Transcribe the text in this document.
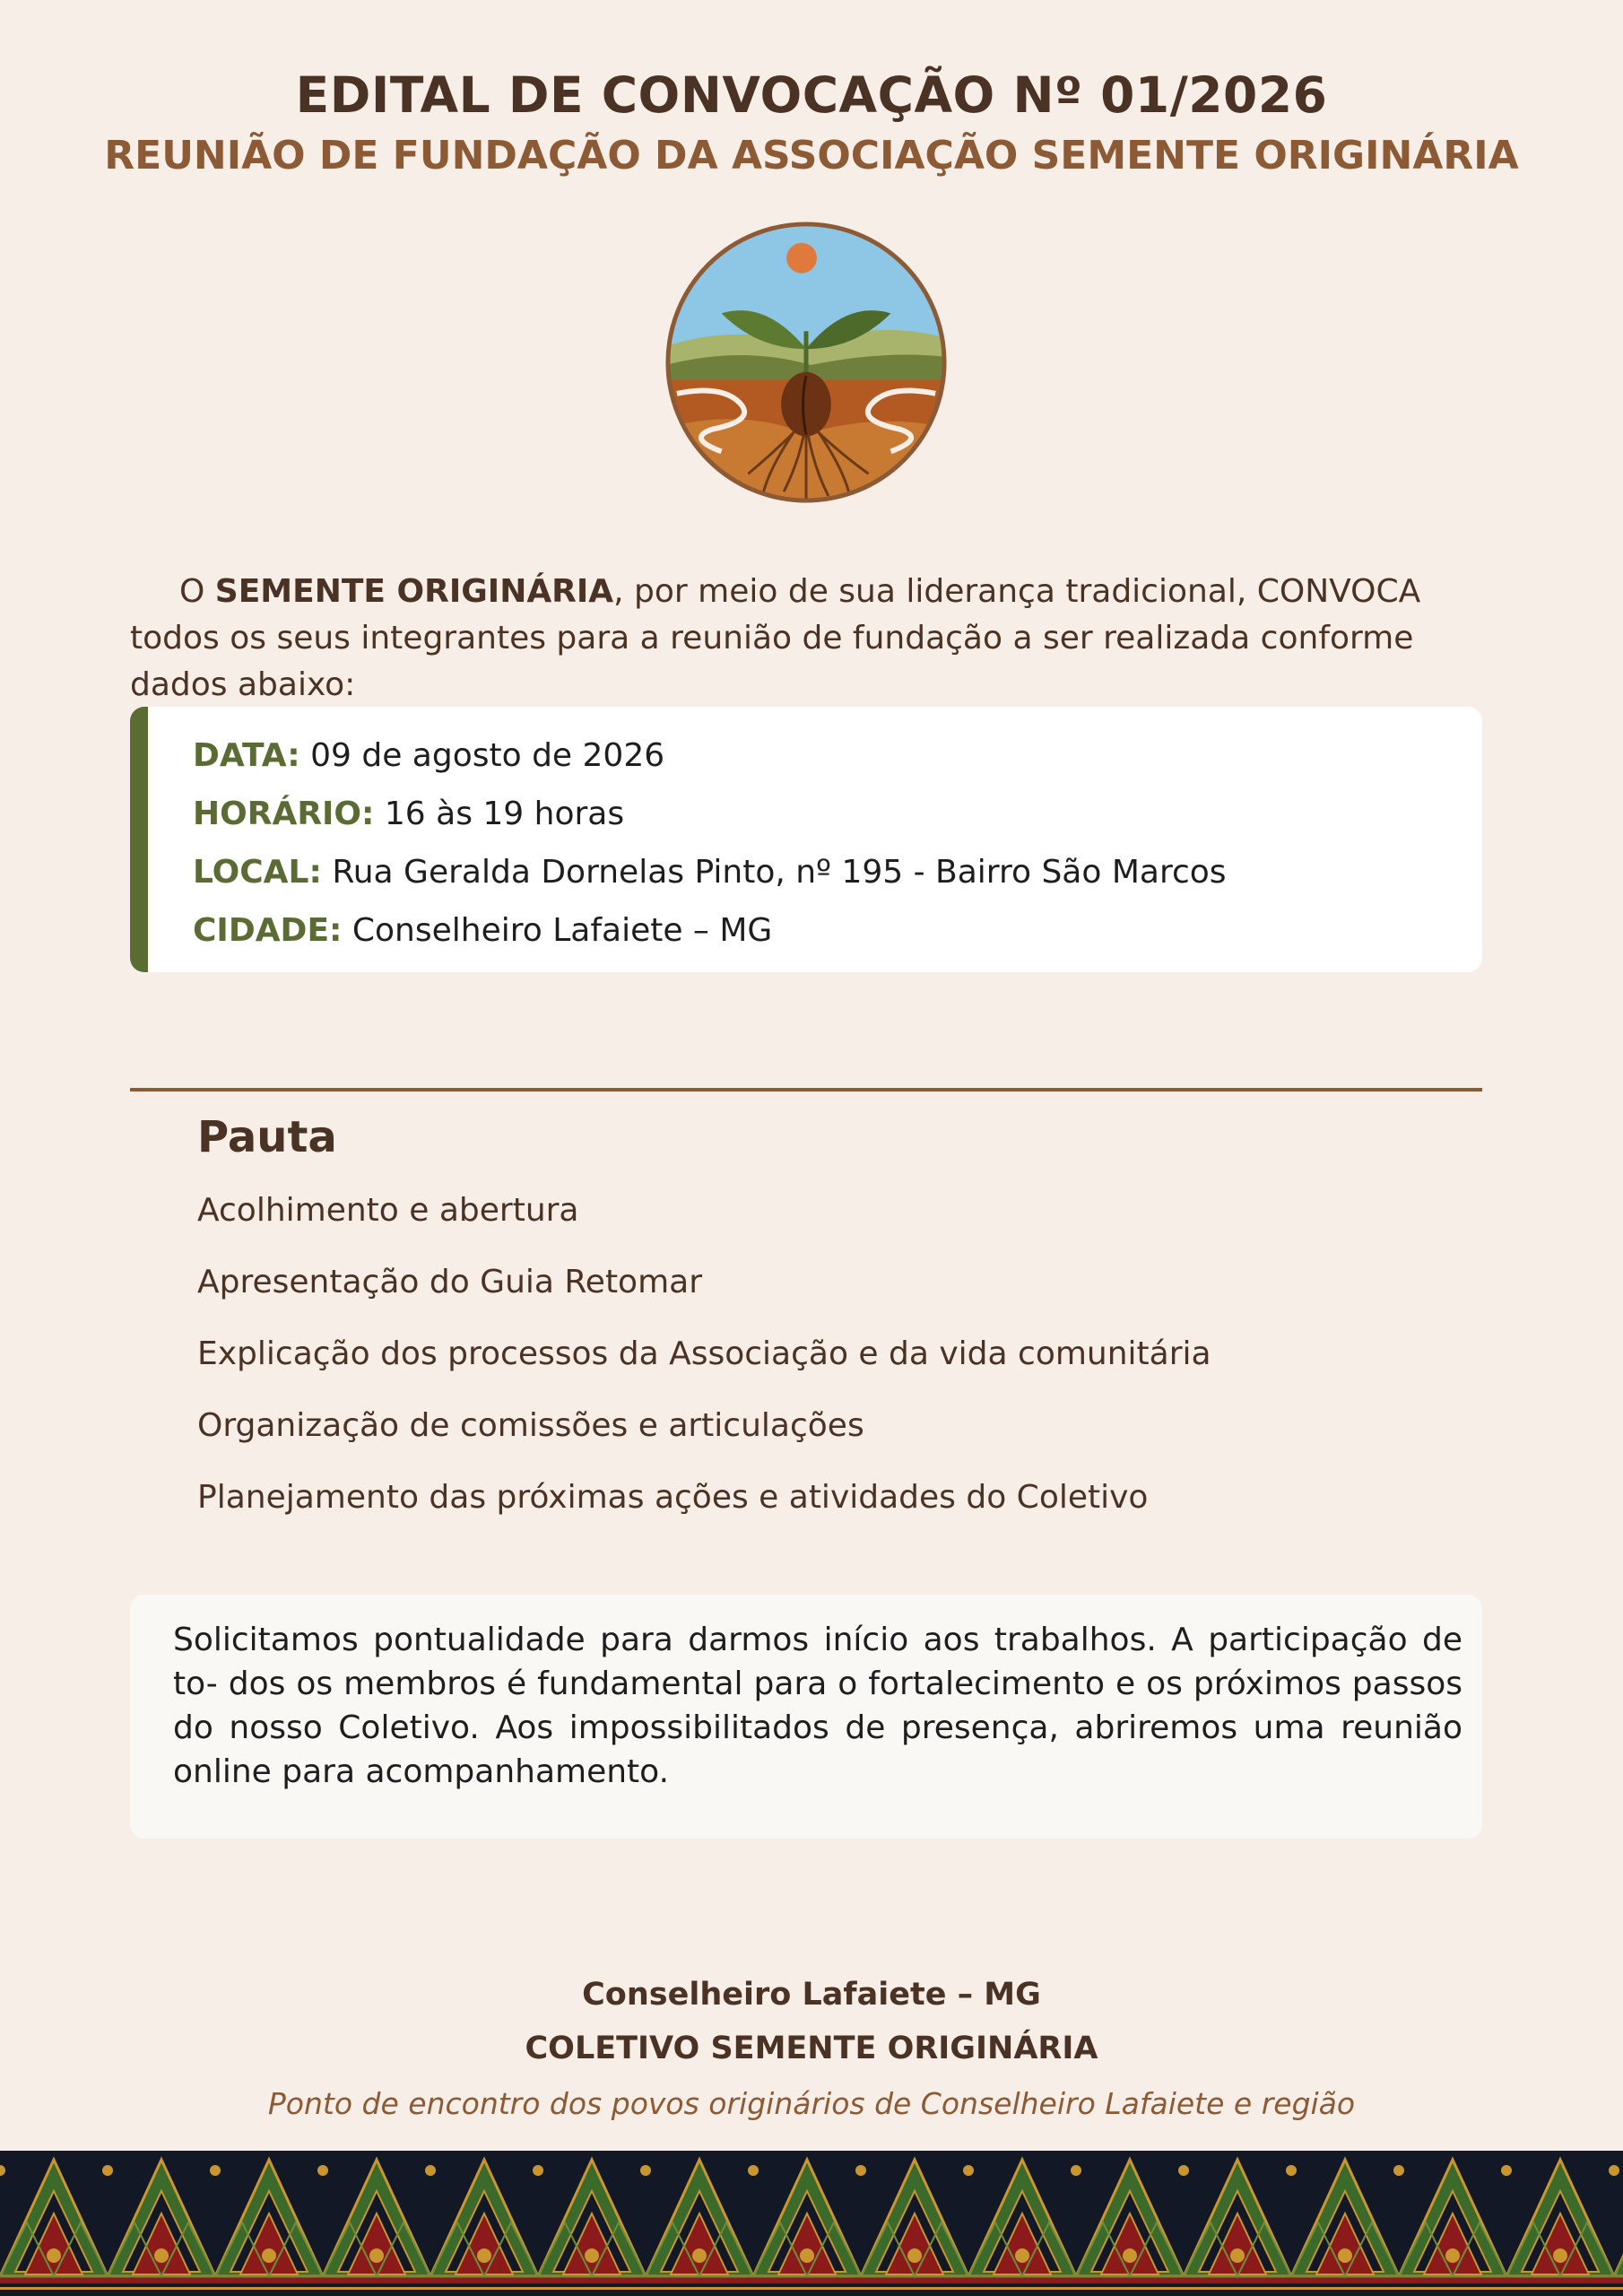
EDITAL DE CONVOCAÇÃO Nº 01/2026
REUNIÃO DE FUNDAÇÃO DA ASSOCIAÇÃO SEMENTE ORIGINÁRIA

O SEMENTE ORIGINÁRIA, por meio de sua liderança tradicional, CONVOCA todos os seus integrantes para a reunião de fundação a ser realizada conforme dados abaixo:

DATA: 09 de agosto de 2026
HORÁRIO: 16 às 19 horas
LOCAL: Rua Geralda Dornelas Pinto, nº 195 - Bairro São Marcos
CIDADE: Conselheiro Lafaiete – MG
Pauta
Acolhimento e abertura
Apresentação do Guia Retomar
Explicação dos processos da Associação e da vida comunitária
Organização de comissões e articulações
Planejamento das próximas ações e atividades do Coletivo
Solicitamos pontualidade para darmos início aos trabalhos. A participação de to- dos os membros é fundamental para o fortalecimento e os próximos passos do nosso Coletivo. Aos impossibilitados de presença, abriremos uma reunião online para acompanhamento.
Conselheiro Lafaiete – MG
COLETIVO SEMENTE ORIGINÁRIA
Ponto de encontro dos povos originários de Conselheiro Lafaiete e região
